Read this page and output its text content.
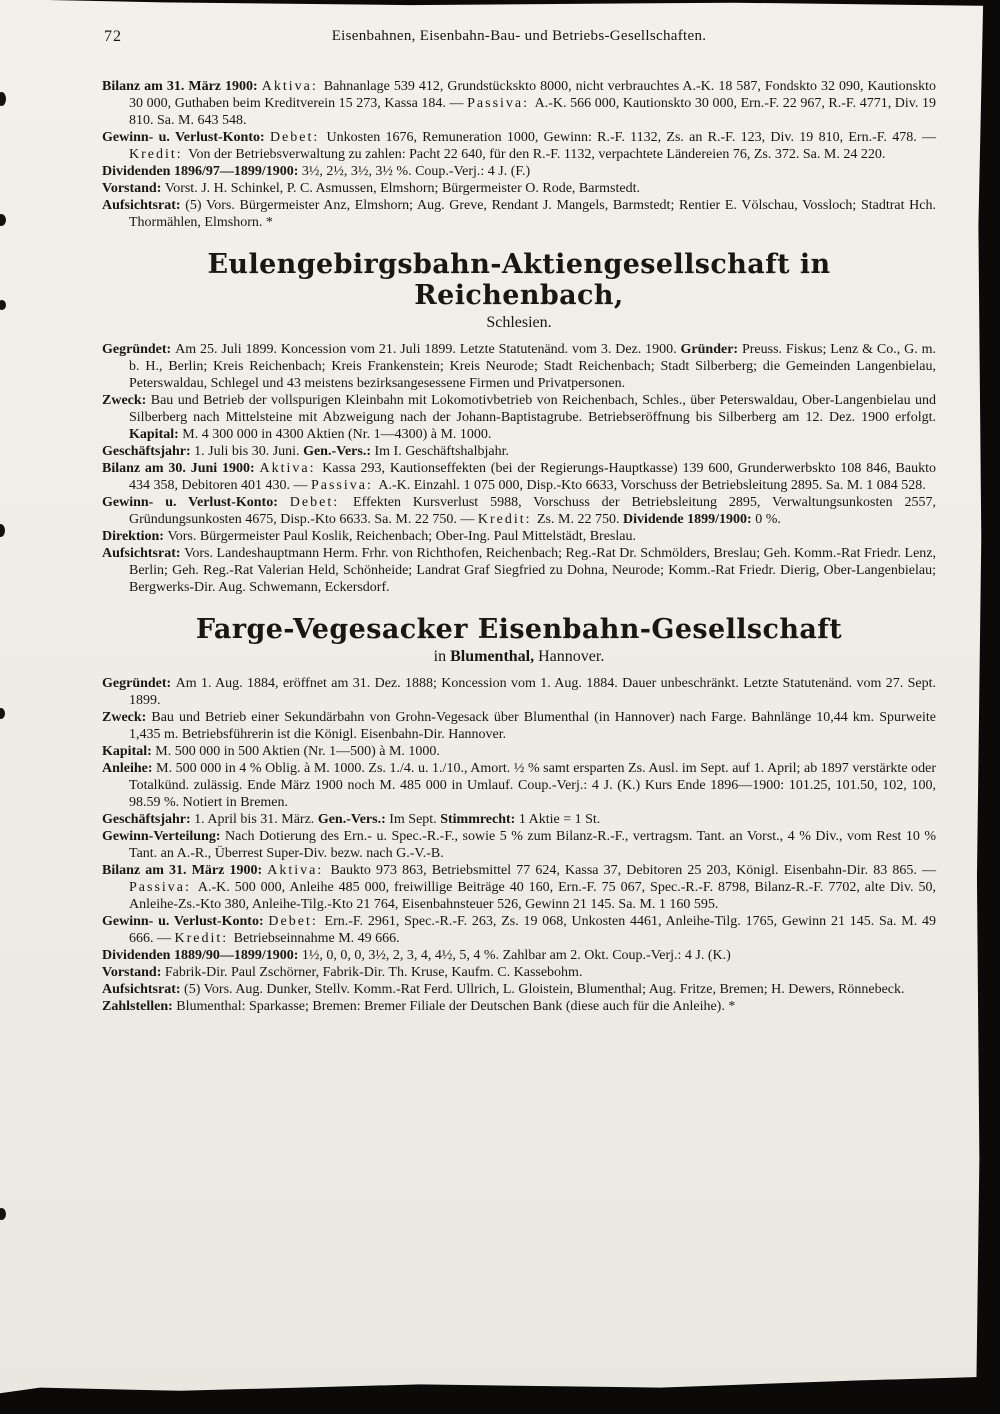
72	Eisenbahnen, Eisenbahn-Bau- und Betriebs-Gesellschaften.

Bilanz am 31. März 1900: Aktiva: Bahnanlage 539 412, Grundstückskto 8000, nicht verbrauchtes A.-K. 18 587, Fondskto 32 090, Kautionskto 30 000, Guthaben beim Kreditverein 15 273, Kassa 184. — Passiva: A.-K. 566 000, Kautionskto 30 000, Ern.-F. 22 967, R.-F. 4771, Div. 19 810. Sa. M. 643 548.

Gewinn- u. Verlust-Konto: Debet: Unkosten 1676, Remuneration 1000, Gewinn: R.-F. 1132, Zs. an R.-F. 123, Div. 19 810, Ern.-F. 478. — Kredit: Von der Betriebsverwaltung zu zahlen: Pacht 22 640, für den R.-F. 1132, verpachtete Ländereien 76, Zs. 372. Sa. M. 24 220.

Dividenden 1896/97—1899/1900: 3½, 2½, 3½, 3½ %. Coup.-Verj.: 4 J. (F.)

Vorstand: Vorst. J. H. Schinkel, P. C. Asmussen, Elmshorn; Bürgermeister O. Rode, Barmstedt.

Aufsichtsrat: (5) Vors. Bürgermeister Anz, Elmshorn; Aug. Greve, Rendant J. Mangels, Barmstedt; Rentier E. Völschau, Vossloch; Stadtrat Hch. Thormählen, Elmshorn. *

Eulengebirgsbahn-Aktiengesellschaft in Reichenbach,
Schlesien.

Gegründet: Am 25. Juli 1899. Koncession vom 21. Juli 1899. Letzte Statutenänd. vom 3. Dez. 1900. Gründer: Preuss. Fiskus; Lenz & Co., G. m. b. H., Berlin; Kreis Reichenbach; Kreis Frankenstein; Kreis Neurode; Stadt Reichenbach; Stadt Silberberg; die Gemeinden Langenbielau, Peterswaldau, Schlegel und 43 meistens bezirksangesessene Firmen und Privatpersonen.

Zweck: Bau und Betrieb der vollspurigen Kleinbahn mit Lokomotivbetrieb von Reichenbach, Schles., über Peterswaldau, Ober-Langenbielau und Silberberg nach Mittelsteine mit Abzweigung nach der Johann-Baptistagrube. Betriebseröffnung bis Silberberg am 12. Dez. 1900 erfolgt. Kapital: M. 4 300 000 in 4300 Aktien (Nr. 1—4300) à M. 1000.

Geschäftsjahr: 1. Juli bis 30. Juni. Gen.-Vers.: Im I. Geschäftshalbjahr.

Bilanz am 30. Juni 1900: Aktiva: Kassa 293, Kautionseffekten (bei der Regierungs-Hauptkasse) 139 600, Grunderwerbskto 108 846, Baukto 434 358, Debitoren 401 430. — Passiva: A.-K. Einzahl. 1 075 000, Disp.-Kto 6633, Vorschuss der Betriebsleitung 2895. Sa. M. 1 084 528.

Gewinn- u. Verlust-Konto: Debet: Effekten Kursverlust 5988, Vorschuss der Betriebsleitung 2895, Verwaltungsunkosten 2557, Gründungsunkosten 4675, Disp.-Kto 6633. Sa. M. 22 750. — Kredit: Zs. M. 22 750. Dividende 1899/1900: 0 %.

Direktion: Vors. Bürgermeister Paul Koslik, Reichenbach; Ober-Ing. Paul Mittelstädt, Breslau.

Aufsichtsrat: Vors. Landeshauptmann Herm. Frhr. von Richthofen, Reichenbach; Reg.-Rat Dr. Schmölders, Breslau; Geh. Komm.-Rat Friedr. Lenz, Berlin; Geh. Reg.-Rat Valerian Held, Schönheide; Landrat Graf Siegfried zu Dohna, Neurode; Komm.-Rat Friedr. Dierig, Ober-Langenbielau; Bergwerks-Dir. Aug. Schwemann, Eckersdorf.

Farge-Vegesacker Eisenbahn-Gesellschaft
in Blumenthal, Hannover.

Gegründet: Am 1. Aug. 1884, eröffnet am 31. Dez. 1888; Koncession vom 1. Aug. 1884. Dauer unbeschränkt. Letzte Statutenänd. vom 27. Sept. 1899.

Zweck: Bau und Betrieb einer Sekundärbahn von Grohn-Vegesack über Blumenthal (in Hannover) nach Farge. Bahnlänge 10,44 km. Spurweite 1,435 m. Betriebsführerin ist die Königl. Eisenbahn-Dir. Hannover.

Kapital: M. 500 000 in 500 Aktien (Nr. 1—500) à M. 1000.

Anleihe: M. 500 000 in 4 % Oblig. à M. 1000. Zs. 1./4. u. 1./10., Amort. ½ % samt ersparten Zs. Ausl. im Sept. auf 1. April; ab 1897 verstärkte oder Totalkünd. zulässig. Ende März 1900 noch M. 485 000 in Umlauf. Coup.-Verj.: 4 J. (K.) Kurs Ende 1896—1900: 101.25, 101.50, 102, 100, 98.59 %. Notiert in Bremen.

Geschäftsjahr: 1. April bis 31. März. Gen.-Vers.: Im Sept. Stimmrecht: 1 Aktie = 1 St.

Gewinn-Verteilung: Nach Dotierung des Ern.- u. Spec.-R.-F., sowie 5 % zum Bilanz-R.-F., vertragsm. Tant. an Vorst., 4 % Div., vom Rest 10 % Tant. an A.-R., Überrest Super-Div. bezw. nach G.-V.-B.

Bilanz am 31. März 1900: Aktiva: Baukto 973 863, Betriebsmittel 77 624, Kassa 37, Debitoren 25 203, Königl. Eisenbahn-Dir. 83 865. — Passiva: A.-K. 500 000, Anleihe 485 000, freiwillige Beiträge 40 160, Ern.-F. 75 067, Spec.-R.-F. 8798, Bilanz-R.-F. 7702, alte Div. 50, Anleihe-Zs.-Kto 380, Anleihe-Tilg.-Kto 21 764, Eisenbahnsteuer 526, Gewinn 21 145. Sa. M. 1 160 595.

Gewinn- u. Verlust-Konto: Debet: Ern.-F. 2961, Spec.-R.-F. 263, Zs. 19 068, Unkosten 4461, Anleihe-Tilg. 1765, Gewinn 21 145. Sa. M. 49 666. — Kredit: Betriebseinnahme M. 49 666.

Dividenden 1889/90—1899/1900: 1½, 0, 0, 0, 3½, 2, 3, 4, 4½, 5, 4 %. Zahlbar am 2. Okt. Coup.-Verj.: 4 J. (K.)

Vorstand: Fabrik-Dir. Paul Zschörner, Fabrik-Dir. Th. Kruse, Kaufm. C. Kassebohm.

Aufsichtsrat: (5) Vors. Aug. Dunker, Stellv. Komm.-Rat Ferd. Ullrich, L. Gloistein, Blumenthal; Aug. Fritze, Bremen; H. Dewers, Rönnebeck.

Zahlstellen: Blumenthal: Sparkasse; Bremen: Bremer Filiale der Deutschen Bank (diese auch für die Anleihe). *
